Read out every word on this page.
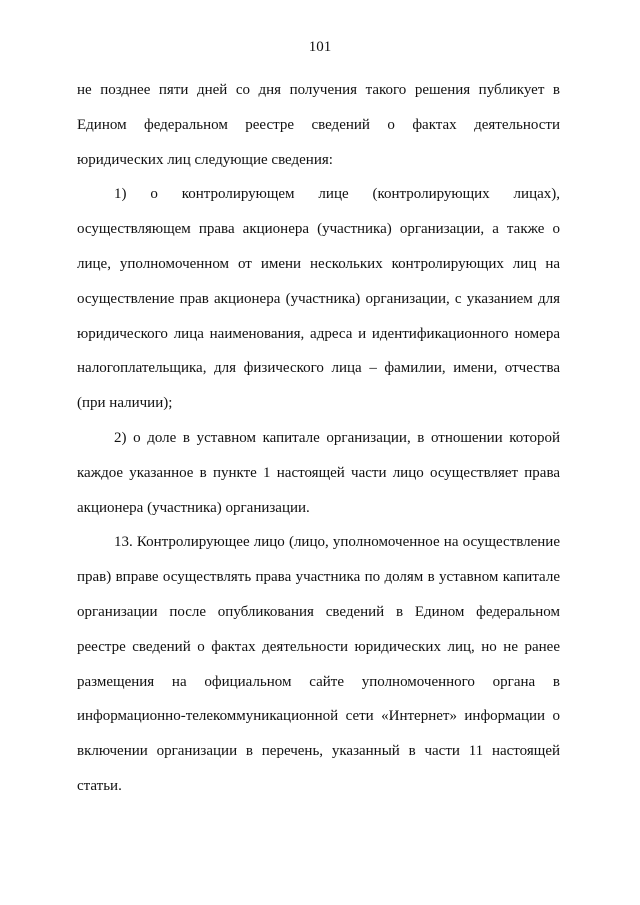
101

не позднее пяти дней со дня получения такого решения публикует в Едином федеральном реестре сведений о фактах деятельности юридических лиц следующие сведения:

1) о контролирующем лице (контролирующих лицах), осуществляющем права акционера (участника) организации, а также о лице, уполномоченном от имени нескольких контролирующих лиц на осуществление прав акционера (участника) организации, с указанием для юридического лица наименования, адреса и идентификационного номера налогоплательщика, для физического лица – фамилии, имени, отчества (при наличии);

2) о доле в уставном капитале организации, в отношении которой каждое указанное в пункте 1 настоящей части лицо осуществляет права акционера (участника) организации.

13. Контролирующее лицо (лицо, уполномоченное на осуществление прав) вправе осуществлять права участника по долям в уставном капитале организации после опубликования сведений в Едином федеральном реестре сведений о фактах деятельности юридических лиц, но не ранее размещения на официальном сайте уполномоченного органа в информационно-телекоммуникационной сети «Интернет» информации о включении организации в перечень, указанный в части 11 настоящей статьи.
